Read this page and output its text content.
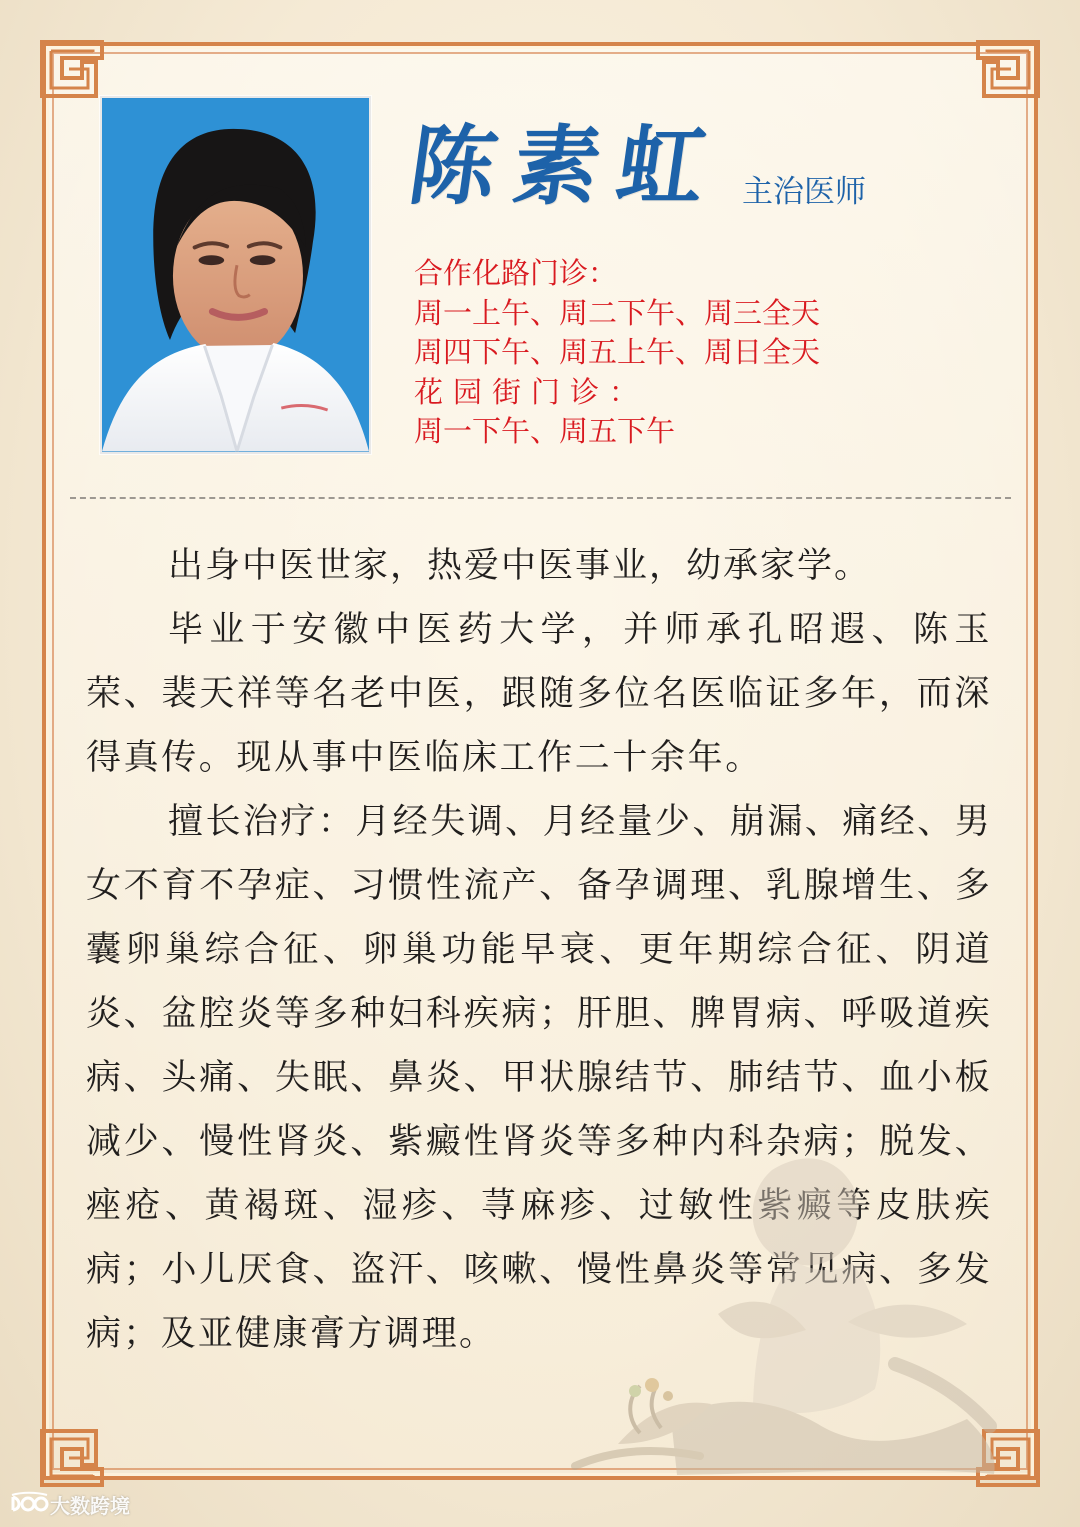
陈素虹 主治医师
合作化路门诊：
周一上午、周二下午、周三全天
周四下午、周五上午、周日全天
花园街门诊：
周一下午、周五下午

出身中医世家，热爱中医事业，幼承家学。

毕业于安徽中医药大学，并师承孔昭遐、陈玉荣、裴天祥等名老中医，跟随多位名医临证多年，而深得真传。现从事中医临床工作二十余年。

擅长治疗：月经失调、月经量少、崩漏、痛经、男女不育不孕症、习惯性流产、备孕调理、乳腺增生、多囊卵巢综合征、卵巢功能早衰、更年期综合征、阴道炎、盆腔炎等多种妇科疾病；肝胆、脾胃病、呼吸道疾病、头痛、失眠、鼻炎、甲状腺结节、肺结节、血小板减少、慢性肾炎、紫癜性肾炎等多种内科杂病；脱发、痤疮、黄褐斑、湿疹、荨麻疹、过敏性紫癜等皮肤疾病；小儿厌食、盗汗、咳嗽、慢性鼻炎等常见病、多发病；及亚健康膏方调理。

大数跨境
